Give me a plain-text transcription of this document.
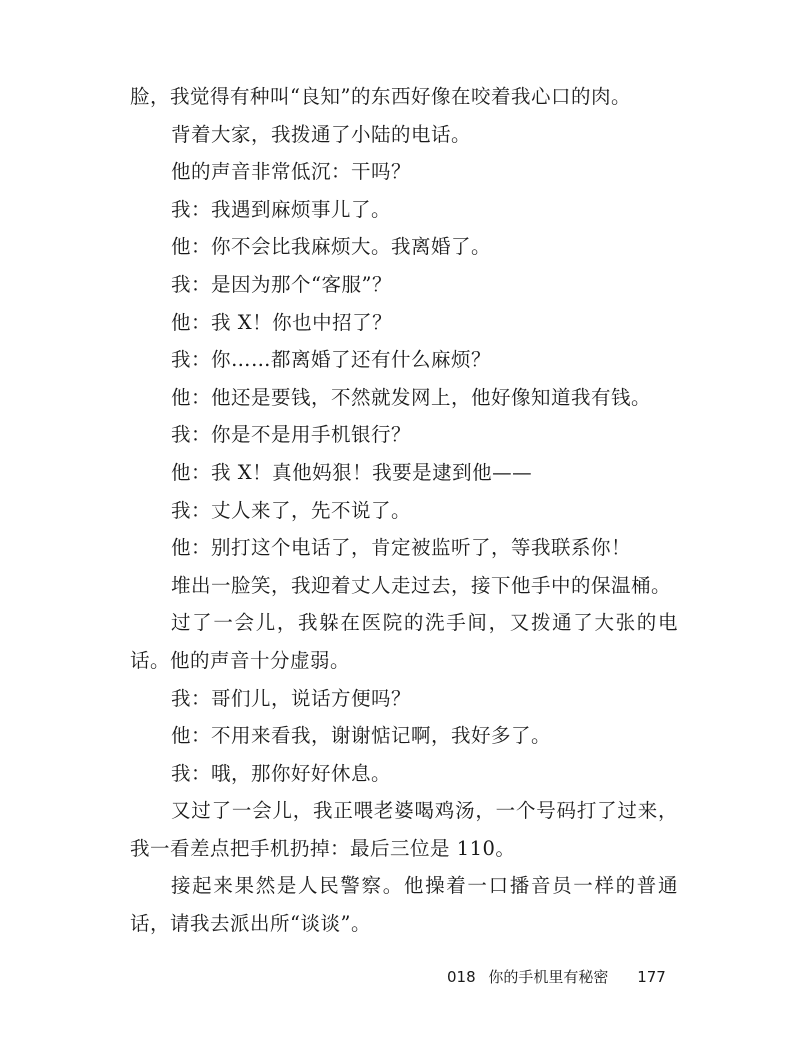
脸，我觉得有种叫“良知”的东西好像在咬着我心口的肉。

背着大家，我拨通了小陆的电话。

他的声音非常低沉：干吗？

我：我遇到麻烦事儿了。

他：你不会比我麻烦大。我离婚了。

我：是因为那个“客服”？

他：我 X！你也中招了？

我：你……都离婚了还有什么麻烦？

他：他还是要钱，不然就发网上，他好像知道我有钱。

我：你是不是用手机银行？

他：我 X！真他妈狠！我要是逮到他——

我：丈人来了，先不说了。

他：别打这个电话了，肯定被监听了，等我联系你！

堆出一脸笑，我迎着丈人走过去，接下他手中的保温桶。

过了一会儿，我躲在医院的洗手间，又拨通了大张的电话。他的声音十分虚弱。

我：哥们儿，说话方便吗？

他：不用来看我，谢谢惦记啊，我好多了。

我：哦，那你好好休息。

又过了一会儿，我正喂老婆喝鸡汤，一个号码打了过来，我一看差点把手机扔掉：最后三位是 110。

接起来果然是人民警察。他操着一口播音员一样的普通话，请我去派出所“谈谈”。

018 你的手机里有秘密 177
